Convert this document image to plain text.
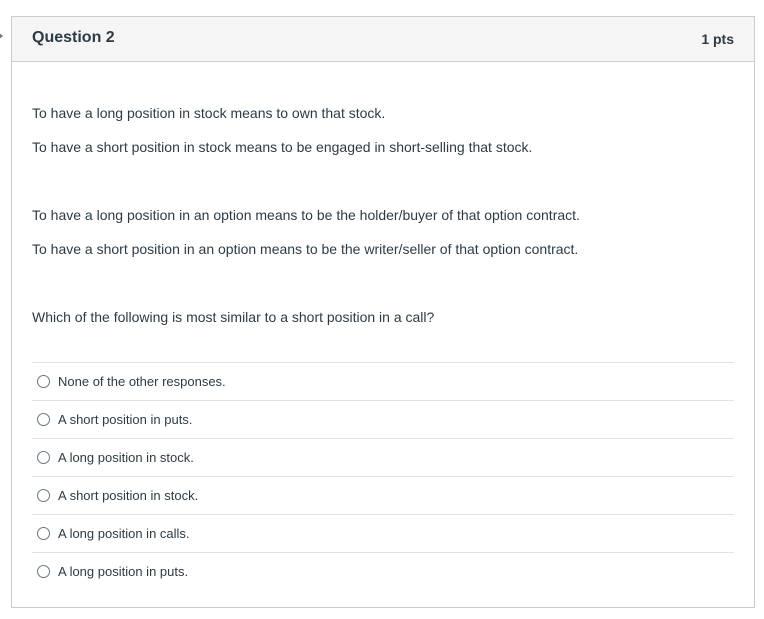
Question 2	1 pts

To have a long position in stock means to own that stock.

To have a short position in stock means to be engaged in short-selling that stock.

To have a long position in an option means to be the holder/buyer of that option contract.

To have a short position in an option means to be the writer/seller of that option contract.

Which of the following is most similar to a short position in a call?

None of the other responses.
A short position in puts.
A long position in stock.
A short position in stock.
A long position in calls.
A long position in puts.
